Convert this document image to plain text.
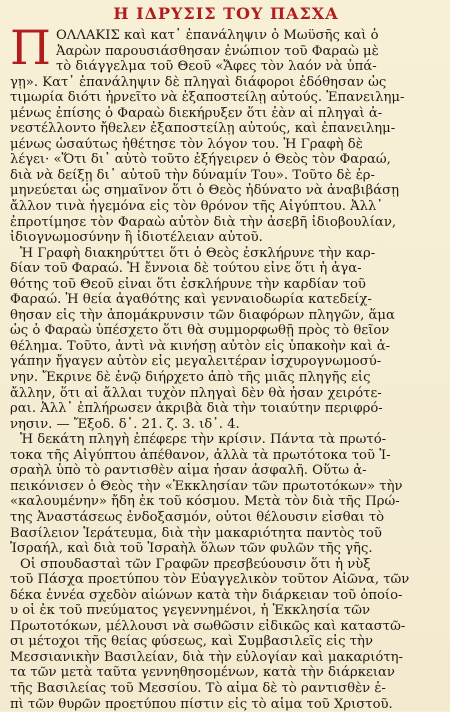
Η ΙΔΡΥΣΙΣ ΤΟΥ ΠΑΣΧΑ

Π ΟΛΛΑΚΙΣ καὶ κατ᾽ ἐπανάληψιν ὁ Μωϋσῆς καὶ ὁ
Ἀαρὼν παρουσιάσθησαν ἐνώπιον τοῦ Φαραὼ μὲ
τὸ διάγγελμα τοῦ Θεοῦ «Ἄφες τὸν λαόν νὰ ὑπά-
γῃ». Κατ᾽ ἐπανάληψιν δὲ πληγαὶ διάφοροι ἐδόθησαν ὡς
τιμωρία διότι ἠρνεῖτο νὰ ἐξαποστείλῃ αὐτούς. Ἐπανειλημ-
μένως ἐπίσης ὁ Φαραὼ διεκήρυξεν ὅτι ἐὰν αἱ πληγαὶ ἀ-
νεστέλλοντο ἤθελεν ἐξαποστείλῃ αὐτούς, καὶ ἐπανειλημ-
μένως ὡσαύτως ἠθέτησε τὸν λόγον του. Ἡ Γραφὴ δὲ
λέγει· «Ὅτι δι᾽ αὐτὸ τοῦτο ἐξήγειρεν ὁ Θεὸς τὸν Φαραώ,
διὰ νὰ δείξῃ δι᾽ αὐτοῦ τὴν δύναμίν Του». Τοῦτο δὲ ἑρ-
μηνεύεται ὡς σημαῖνον ὅτι ὁ Θεὸς ἠδύνατο νὰ ἀναβιβάσῃ
ἄλλον τινὰ ἡγεμόνα εἰς τὸν θρόνον τῆς Αἰγύπτου. Ἀλλ᾽
ἐπροτίμησε τὸν Φαραὼ αὐτὸν διὰ τὴν ἀσεβῆ ἰδιοβουλίαν,
ἰδιογνωμοσύνην ἢ ἰδιοτέλειαν αὐτοῦ.

Ἡ Γραφὴ διακηρύττει ὅτι ὁ Θεὸς ἐσκλήρυνε τὴν καρ-
δίαν τοῦ Φαραώ. Ἡ ἔννοια δὲ τούτου εἶνε ὅτι ἡ ἀγα-
θότης τοῦ Θεοῦ εἶναι ὅτι ἐσκλήρυνε τὴν καρδίαν τοῦ
Φαραώ. Ἡ θεία ἀγαθότης καὶ γενναιοδωρία κατεδείχ-
θησαν εἰς τὴν ἀπομάκρυνσιν τῶν διαφόρων πληγῶν, ἅμα
ὡς ὁ Φαραὼ ὑπέσχετο ὅτι θὰ συμμορφωθῇ πρὸς τὸ θεῖον
θέλημα. Τοῦτο, ἀντὶ νὰ κινήσῃ αὐτὸν εἰς ὑπακοὴν καὶ ἀ-
γάπην ἤγαγεν αὐτὸν εἰς μεγαλειτέραν ἰσχυρογνωμοσύ-
νην. Ἔκρινε δὲ ἐνῷ διήρχετο ἀπὸ τῆς μιᾶς πληγῆς εἰς
ἄλλην, ὅτι αἱ ἄλλαι τυχὸν πληγαὶ δὲν θὰ ἦσαν χειρότε-
ραι. Ἀλλ᾽ ἐπλήρωσεν ἀκριβὰ διὰ τὴν τοιαύτην περιφρό-
νησιν. — Ἔξοδ. δ᾽. 21. ζ. 3. ιδ᾽. 4.

Ἡ δεκάτη πληγὴ ἐπέφερε τὴν κρίσιν. Πάντα τὰ πρωτό-
τοκα τῆς Αἰγύπτου ἀπέθανον, ἀλλὰ τὰ πρωτότοκα τοῦ Ἰ-
σραὴλ ὑπὸ τὸ ραντισθὲν αἷμα ἦσαν ἀσφαλῆ. Οὕτω ἀ-
πεικόνισεν ὁ Θεὸς τὴν «Ἐκκλησίαν τῶν πρωτοτόκων» τὴν
«καλουμένην» ἤδη ἐκ τοῦ κόσμου. Μετὰ τὸν διὰ τῆς Πρώ-
της Ἀναστάσεως ἐνδοξασμόν, οὗτοι θέλουσιν εἶσθαι τὸ
Βασίλειον Ἱεράτευμα, διὰ τὴν μακαριότητα παντὸς τοῦ
Ἰσραήλ, καὶ διὰ τοῦ Ἰσραὴλ ὅλων τῶν φυλῶν τῆς γῆς.

Οἱ σπουδασταὶ τῶν Γραφῶν πρεσβεύουσιν ὅτι ἡ νὺξ
τοῦ Πάσχα προετύπου τὸν Εὐαγγελικὸν τοῦτον Αἰῶνα, τῶν
δέκα ἐννέα σχεδὸν αἰώνων κατὰ τὴν διάρκειαν τοῦ ὁποίο-
υ οἱ ἐκ τοῦ πνεύματος γεγεννημένοι, ἡ Ἐκκλησία τῶν
Πρωτοτόκων, μέλλουσι νὰ σωθῶσιν εἰδικῶς καὶ καταστῶ-
σι μέτοχοι τῆς θείας φύσεως, καὶ Συμβασιλεῖς εἰς τὴν
Μεσσιανικὴν Βασιλείαν, διὰ τὴν εὐλογίαν καὶ μακαριότη-
τα τῶν μετὰ ταῦτα γεννηθησομένων, κατὰ τὴν διάρκειαν
τῆς Βασιλείας τοῦ Μεσσίου. Τὸ αἷμα δὲ τὸ ραντισθὲν ἐ-
πὶ τῶν θυρῶν προετύπου πίστιν εἰς τὸ αἷμα τοῦ Χριστοῦ.
